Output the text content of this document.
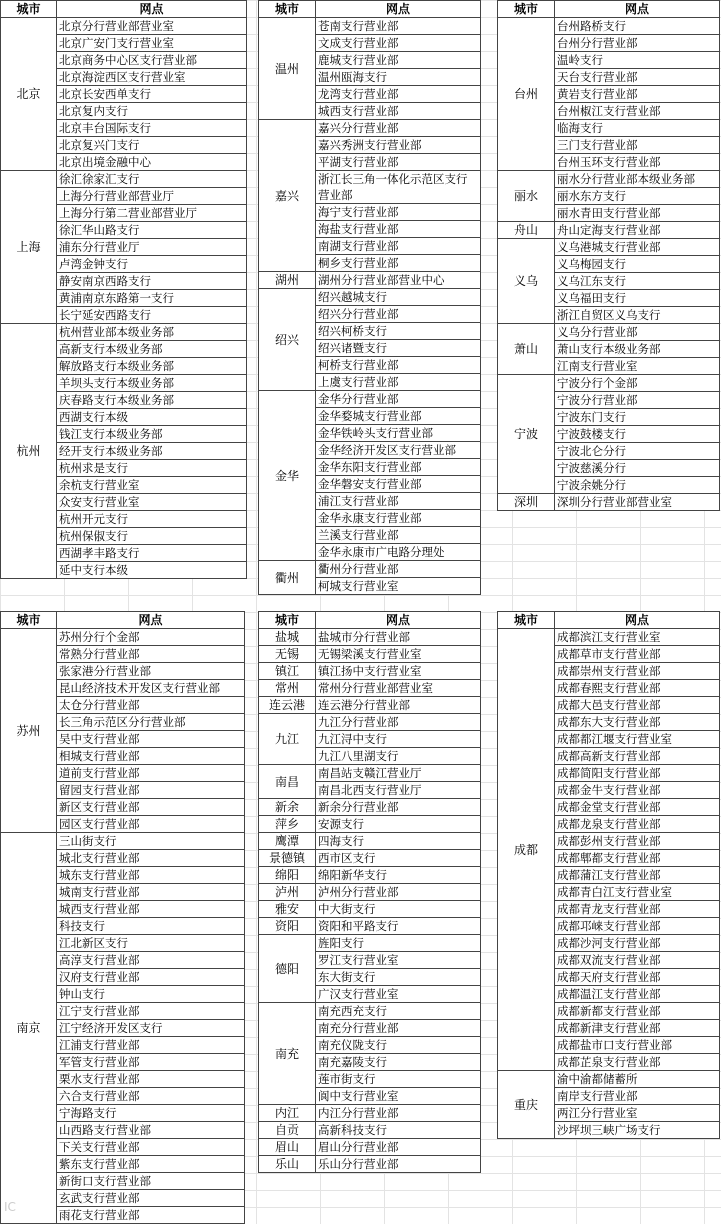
城市	网点
北京	北京分行营业部营业室
	北京广安门支行营业室
	北京商务中心区支行营业部
	北京海淀西区支行营业室
	北京长安西单支行
	北京复内支行
	北京丰台国际支行
	北京复兴门支行
	北京出境金融中心
上海	徐汇徐家汇支行
	上海分行营业部营业厅
	上海分行第二营业部营业厅
	徐汇华山路支行
	浦东分行营业厅
	卢湾金钟支行
	静安南京西路支行
	黄浦南京东路第一支行
	长宁延安西路支行
杭州	杭州营业部本级业务部
	高新支行本级业务部
	解放路支行本级业务部
	羊坝头支行本级业务部
	庆春路支行本级业务部
	西湖支行本级
	钱江支行本级业务部
	经开支行本级业务部
	杭州求是支行
	余杭支行营业室
	众安支行营业室
	杭州开元支行
	杭州保俶支行
	西湖孝丰路支行
	延中支行本级
城市	网点
温州	苍南支行营业部
	文成支行营业部
	鹿城支行营业部
	温州瓯海支行
	龙湾支行营业部
	城西支行营业部
嘉兴	嘉兴分行营业部
	嘉兴秀洲支行营业部
	平湖支行营业部
	浙江长三角一体化示范区支行营业部
	海宁支行营业部
	海盐支行营业部
	南湖支行营业部
	桐乡支行营业部
湖州	湖州分行营业部营业中心
绍兴	绍兴越城支行
	绍兴分行营业部
	绍兴柯桥支行
	绍兴诸暨支行
	柯桥支行营业部
	上虞支行营业部
金华	金华分行营业部
	金华婺城支行营业部
	金华铁岭头支行营业部
	金华经济开发区支行营业部
	金华东阳支行营业部
	金华磐安支行营业部
	浦江支行营业部
	金华永康支行营业部
	兰溪支行营业部
	金华永康市广电路分理处
衢州	衢州分行营业部
	柯城支行营业室
城市	网点
台州	台州路桥支行
	台州分行营业部
	温岭支行
	天台支行营业部
	黄岩支行营业部
	台州椒江支行营业部
	临海支行
	三门支行营业部
	台州玉环支行营业部
丽水	丽水分行营业部本级业务部
	丽水东方支行
	丽水青田支行营业部
舟山	舟山定海支行营业部
义乌	义乌港城支行营业部
	义乌梅园支行
	义乌江东支行
	义乌福田支行
	浙江自贸区义乌支行
萧山	义乌分行营业部
	萧山支行本级业务部
	江南支行营业室
宁波	宁波分行个金部
	宁波分行营业部
	宁波东门支行
	宁波鼓楼支行
	宁波北仑分行
	宁波慈溪分行
	宁波余姚分行
深圳	深圳分行营业部营业室
城市	网点
苏州	苏州分行个金部
	常熟分行营业部
	张家港分行营业部
	昆山经济技术开发区支行营业部
	太仓分行营业部
	长三角示范区分行营业部
	吴中支行营业部
	相城支行营业部
	道前支行营业部
	留园支行营业部
	新区支行营业部
	园区支行营业部
南京	三山街支行
	城北支行营业部
	城东支行营业部
	城南支行营业部
	城西支行营业部
	科技支行
	江北新区支行
	高淳支行营业部
	汉府支行营业部
	钟山支行
	江宁支行营业部
	江宁经济开发区支行
	江浦支行营业部
	军管支行营业部
	栗水支行营业部
	六合支行营业部
	宁海路支行
	山西路支行营业部
	下关支行营业部
	紫东支行营业部
	新街口支行营业部
	玄武支行营业部
	雨花支行营业部
城市	网点
盐城	盐城市分行营业部
无锡	无锡梁溪支行营业室
镇江	镇江扬中支行营业室
常州	常州分行营业部营业室
连云港	连云港分行营业部
九江	九江分行营业部
	九江浔中支行
	九江八里湖支行
南昌	南昌站支赣江营业厅
	南昌北西支行营业厅
新余	新余分行营业部
萍乡	安源支行
鹰潭	四海支行
景德镇	西市区支行
绵阳	绵阳新华支行
泸州	泸州分行营业部
雅安	中大街支行
资阳	资阳和平路支行
德阳	旌阳支行
	罗江支行营业室
	东大街支行
	广汉支行营业室
南充	南充西充支行
	南充分行营业部
	南充仪陇支行
	南充嘉陵支行
	莲市街支行
	阆中支行营业室
内江	内江分行营业部
自贡	高新科技支行
眉山	眉山分行营业部
乐山	乐山分行营业部
城市	网点
成都	成都滨江支行营业室
	成都草市支行营业部
	成都崇州支行营业部
	成都春熙支行营业部
	成都大邑支行营业部
	成都东大支行营业部
	成都都江堰支行营业室
	成都高新支行营业部
	成都简阳支行营业部
	成都金牛支行营业部
	成都金堂支行营业部
	成都龙泉支行营业部
	成都彭州支行营业部
	成都郫都支行营业部
	成都蒲江支行营业部
	成都青白江支行营业室
	成都青龙支行营业部
	成都邛崃支行营业部
	成都沙河支行营业部
	成都双流支行营业部
	成都天府支行营业部
	成都温江支行营业部
	成都新都支行营业部
	成都新津支行营业部
	成都盐市口支行营业部
	成都芷泉支行营业部
重庆	渝中渝都储蓄所
	南岸支行营业部
	两江分行营业室
	沙坪坝三峡广场支行
IC
